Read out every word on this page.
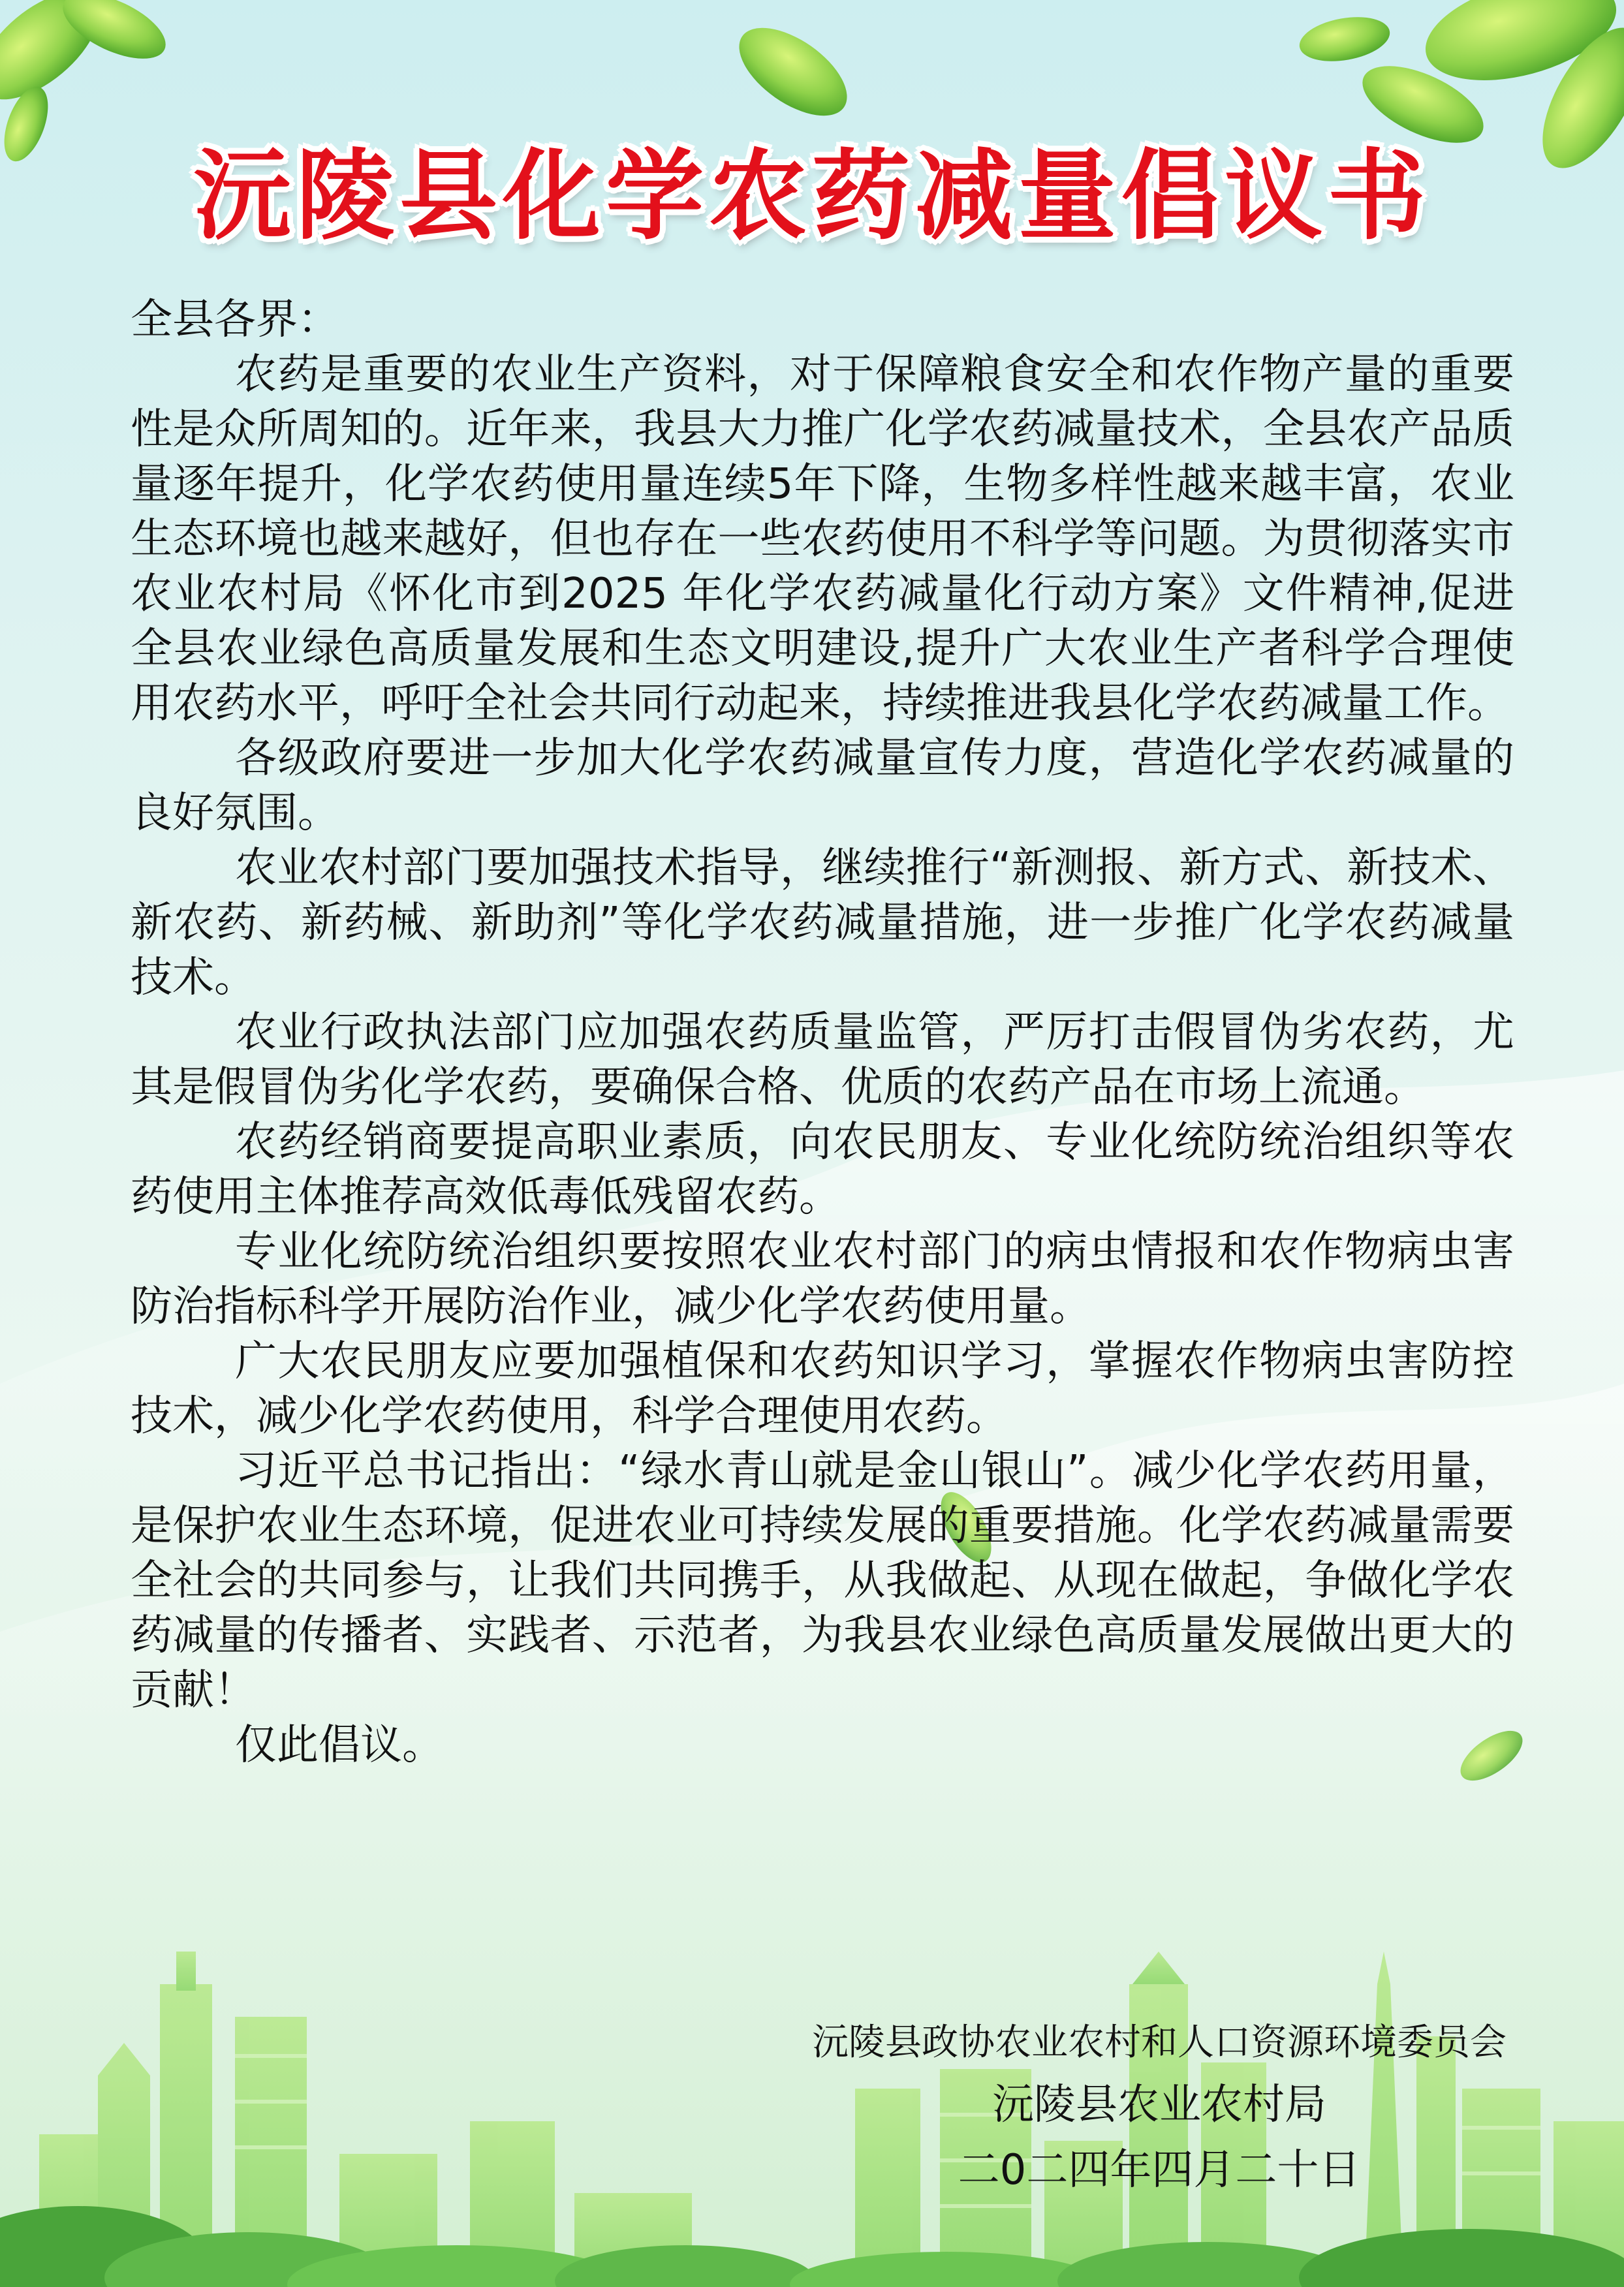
沅陵县化学农药减量倡议书

全县各界：

农药是重要的农业生产资料，对于保障粮食安全和农作物产量的重要性是众所周知的。近年来，我县大力推广化学农药减量技术，全县农产品质量逐年提升，化学农药使用量连续5年下降，生物多样性越来越丰富，农业生态环境也越来越好，但也存在一些农药使用不科学等问题。为贯彻落实市农业农村局《怀化市到2025 年化学农药减量化行动方案》文件精神,促进全县农业绿色高质量发展和生态文明建设,提升广大农业生产者科学合理使用农药水平，呼吁全社会共同行动起来，持续推进我县化学农药减量工作。

各级政府要进一步加大化学农药减量宣传力度，营造化学农药减量的良好氛围。

农业农村部门要加强技术指导，继续推行“新测报、新方式、新技术、新农药、新药械、新助剂”等化学农药减量措施，进一步推广化学农药减量技术。

农业行政执法部门应加强农药质量监管，严厉打击假冒伪劣农药，尤其是假冒伪劣化学农药，要确保合格、优质的农药产品在市场上流通。

农药经销商要提高职业素质，向农民朋友、专业化统防统治组织等农药使用主体推荐高效低毒低残留农药。

专业化统防统治组织要按照农业农村部门的病虫情报和农作物病虫害防治指标科学开展防治作业，减少化学农药使用量。

广大农民朋友应要加强植保和农药知识学习，掌握农作物病虫害防控技术，减少化学农药使用，科学合理使用农药。

习近平总书记指出：“绿水青山就是金山银山”。减少化学农药用量，是保护农业生态环境，促进农业可持续发展的重要措施。化学农药减量需要全社会的共同参与，让我们共同携手，从我做起、从现在做起，争做化学农药减量的传播者、实践者、示范者，为我县农业绿色高质量发展做出更大的贡献！

仅此倡议。

沅陵县政协农业农村和人口资源环境委员会
沅陵县农业农村局
二0二四年四月二十日
